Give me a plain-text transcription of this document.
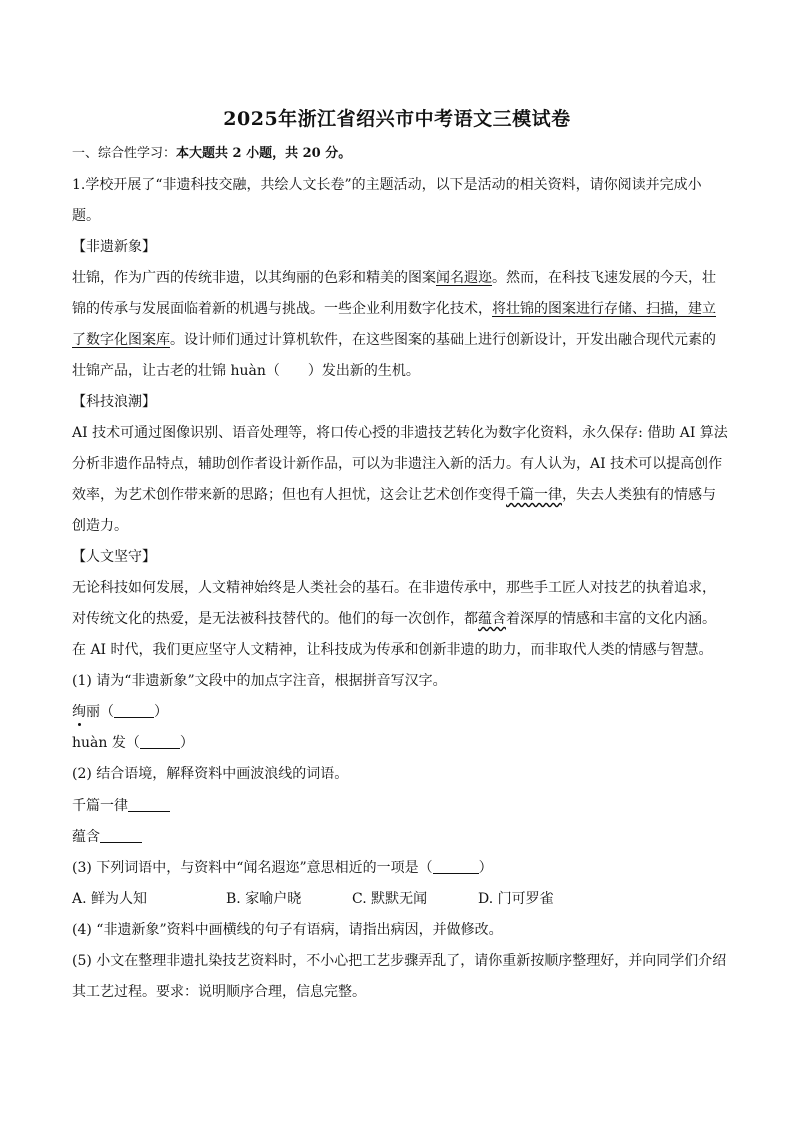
2025年浙江省绍兴市中考语文三模试卷
一、综合性学习：本大题共 2 小题，共 20 分。
1.学校开展了“非遗科技交融，共绘人文长卷”的主题活动，以下是活动的相关资料，请你阅读并完成小
题。
【非遗新象】
壮锦，作为广西的传统非遗，以其绚丽的色彩和精美的图案闻名遐迩。然而，在科技飞速发展的今天，壮
锦的传承与发展面临着新的机遇与挑战。一些企业利用数字化技术，将壮锦的图案进行存储、扫描，建立
了数字化图案库。设计师们通过计算机软件，在这些图案的基础上进行创新设计，开发出融合现代元素的
壮锦产品，让古老的壮锦 huàn（　　）发出新的生机。
【科技浪潮】
AI 技术可通过图像识别、语音处理等，将口传心授的非遗技艺转化为数字化资料，永久保存: 借助 AI 算法
分析非遗作品特点，辅助创作者设计新作品，可以为非遗注入新的活力。有人认为，AI 技术可以提高创作
效率，为艺术创作带来新的思路；但也有人担忧，这会让艺术创作变得千篇一律，失去人类独有的情感与
创造力。
【人文坚守】
无论科技如何发展，人文精神始终是人类社会的基石。在非遗传承中，那些手工匠人对技艺的执着追求，
对传统文化的热爱，是无法被科技替代的。他们的每一次创作，都蕴含着深厚的情感和丰富的文化内涵。
在 AI 时代，我们更应坚守人文精神，让科技成为传承和创新非遗的助力，而非取代人类的情感与智慧。
(1) 请为“非遗新象”文段中的加点字注音，根据拼音写汉字。
绚
丽（	）
huàn 发（	）
(2) 结合语境，解释资料中画波浪线的词语。
千篇一律
蕴含
(3) 下列词语中，与资料中“闻名遐迩”意思相近的一项是（	）
A. 鲜为人知	B. 家喻户晓	C. 默默无闻	D. 门可罗雀
(4) “非遗新象”资料中画横线的句子有语病，请指出病因，并做修改。
(5) 小文在整理非遗扎染技艺资料时，不小心把工艺步骤弄乱了，请你重新按顺序整理好，并向同学们介绍
其工艺过程。要求：说明顺序合理，信息完整。
